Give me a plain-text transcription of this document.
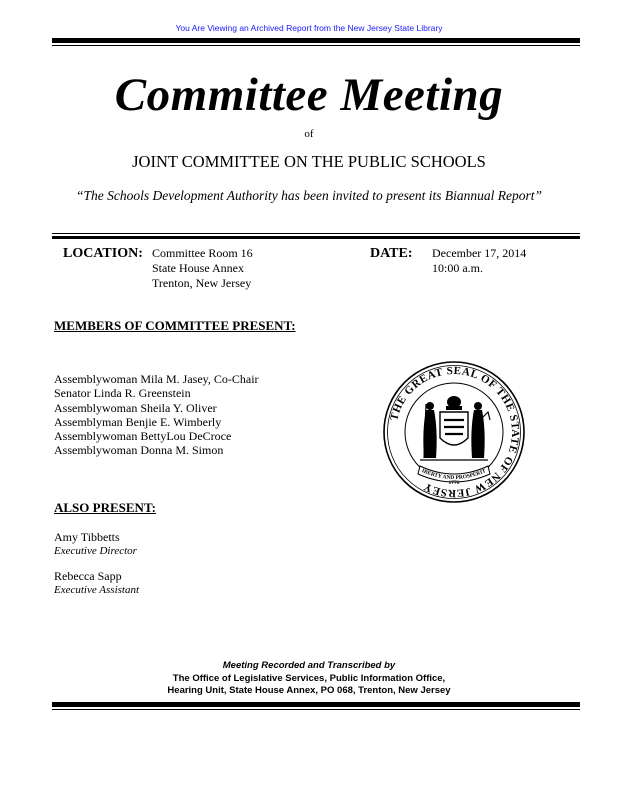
You Are Viewing an Archived Report from the New Jersey State Library
Committee Meeting
of
JOINT COMMITTEE ON THE PUBLIC SCHOOLS
“The Schools Development Authority has been invited to present its Biannual Report”
LOCATION: Committee Room 16
State House Annex
Trenton, New Jersey
DATE: December 17, 2014
10:00 a.m.
MEMBERS OF COMMITTEE PRESENT:
Assemblywoman Mila M. Jasey, Co-Chair
Senator Linda R. Greenstein
Assemblywoman Sheila Y. Oliver
Assemblyman Benjie E. Wimberly
Assemblywoman BettyLou DeCroce
Assemblywoman Donna M. Simon
THE GREAT SEAL OF THE STATE OF NEW JERSEY
IBERTY AND PROSPERIT
1776
ALSO PRESENT:
Amy Tibbetts
Executive Director
Rebecca Sapp
Executive Assistant
Meeting Recorded and Transcribed by
The Office of Legislative Services, Public Information Office,
Hearing Unit, State House Annex, PO 068, Trenton, New Jersey
